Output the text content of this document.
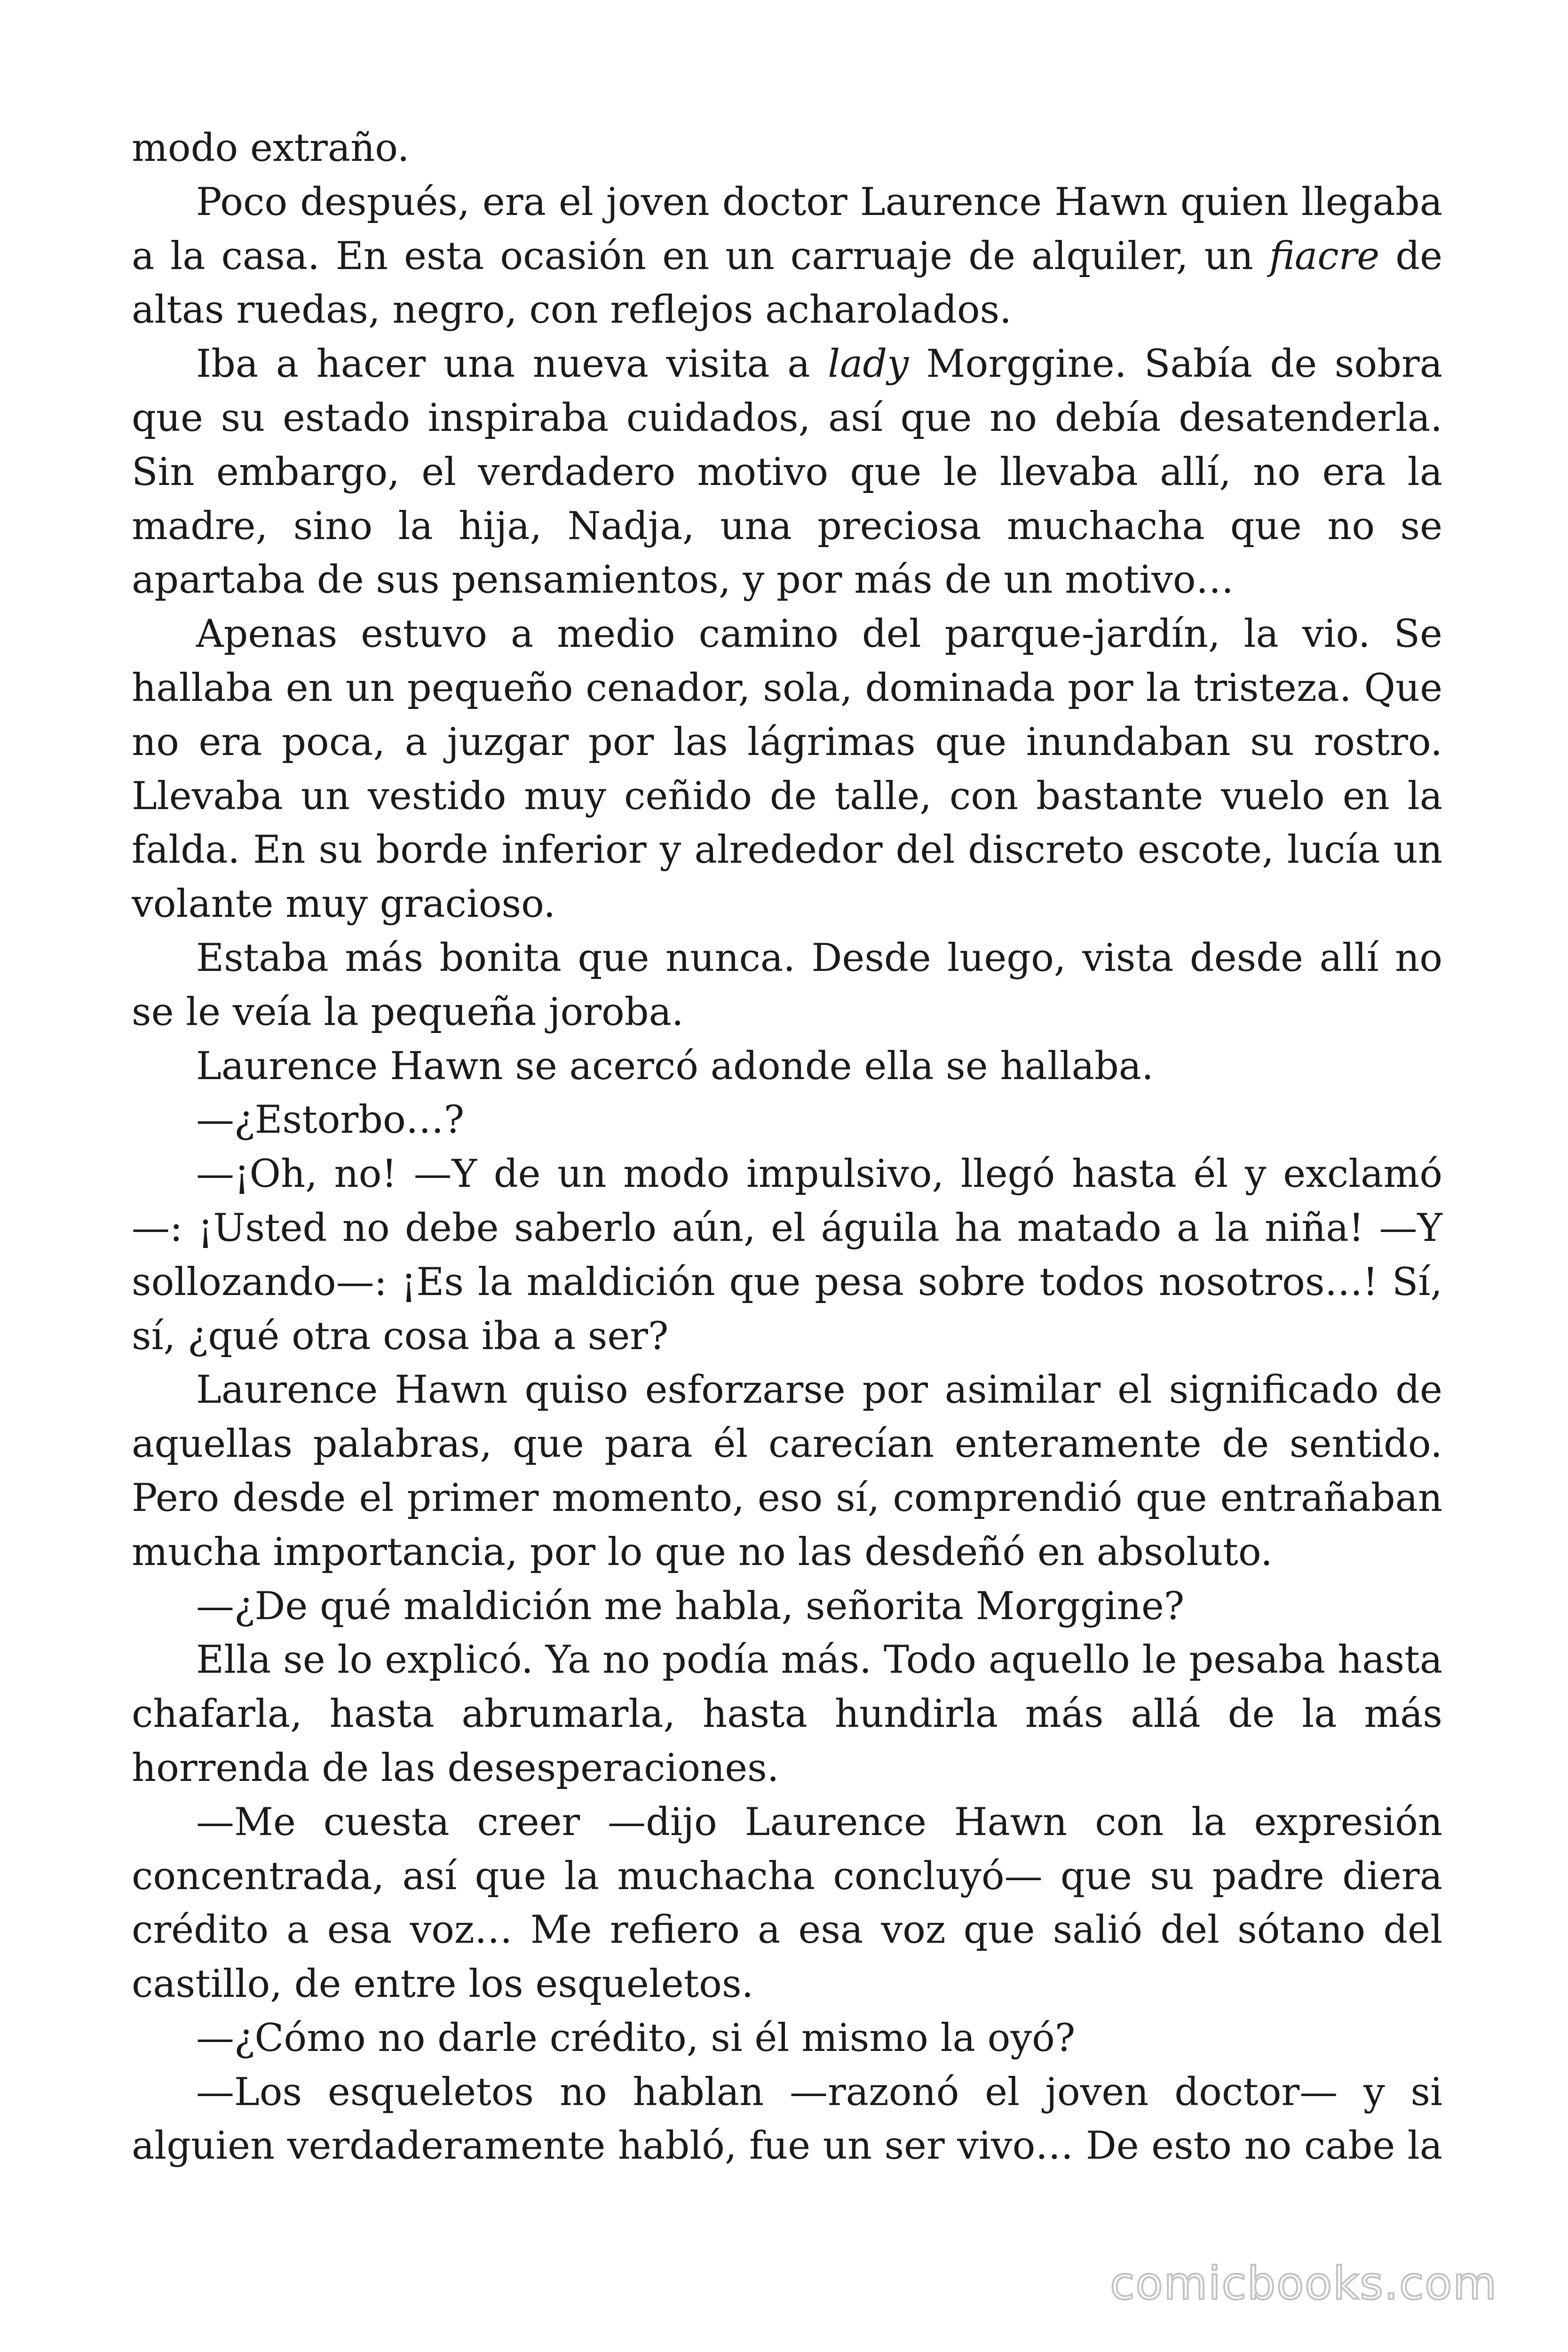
modo extraño.

Poco después, era el joven doctor Laurence Hawn quien llegaba a la casa. En esta ocasión en un carruaje de alquiler, un fiacre de altas ruedas, negro, con reflejos acharolados.

Iba a hacer una nueva visita a lady Morggine. Sabía de sobra que su estado inspiraba cuidados, así que no debía desatenderla. Sin embargo, el verdadero motivo que le llevaba allí, no era la madre, sino la hija, Nadja, una preciosa muchacha que no se apartaba de sus pensamientos, y por más de un motivo…

Apenas estuvo a medio camino del parque-jardín, la vio. Se hallaba en un pequeño cenador, sola, dominada por la tristeza. Que no era poca, a juzgar por las lágrimas que inundaban su rostro. Llevaba un vestido muy ceñido de talle, con bastante vuelo en la falda. En su borde inferior y alrededor del discreto escote, lucía un volante muy gracioso.

Estaba más bonita que nunca. Desde luego, vista desde allí no se le veía la pequeña joroba.

Laurence Hawn se acercó adonde ella se hallaba.

—¿Estorbo…?

—¡Oh, no! —Y de un modo impulsivo, llegó hasta él y exclamó —: ¡Usted no debe saberlo aún, el águila ha matado a la niña! —Y sollozando—: ¡Es la maldición que pesa sobre todos nosotros…! Sí, sí, ¿qué otra cosa iba a ser?

Laurence Hawn quiso esforzarse por asimilar el significado de aquellas palabras, que para él carecían enteramente de sentido. Pero desde el primer momento, eso sí, comprendió que entrañaban mucha importancia, por lo que no las desdeñó en absoluto.

—¿De qué maldición me habla, señorita Morggine?

Ella se lo explicó. Ya no podía más. Todo aquello le pesaba hasta chafarla, hasta abrumarla, hasta hundirla más allá de la más horrenda de las desesperaciones.

—Me cuesta creer —dijo Laurence Hawn con la expresión concentrada, así que la muchacha concluyó— que su padre diera crédito a esa voz… Me refiero a esa voz que salió del sótano del castillo, de entre los esqueletos.

—¿Cómo no darle crédito, si él mismo la oyó?

—Los esqueletos no hablan —razonó el joven doctor— y si alguien verdaderamente habló, fue un ser vivo… De esto no cabe la

comicbooks.com
